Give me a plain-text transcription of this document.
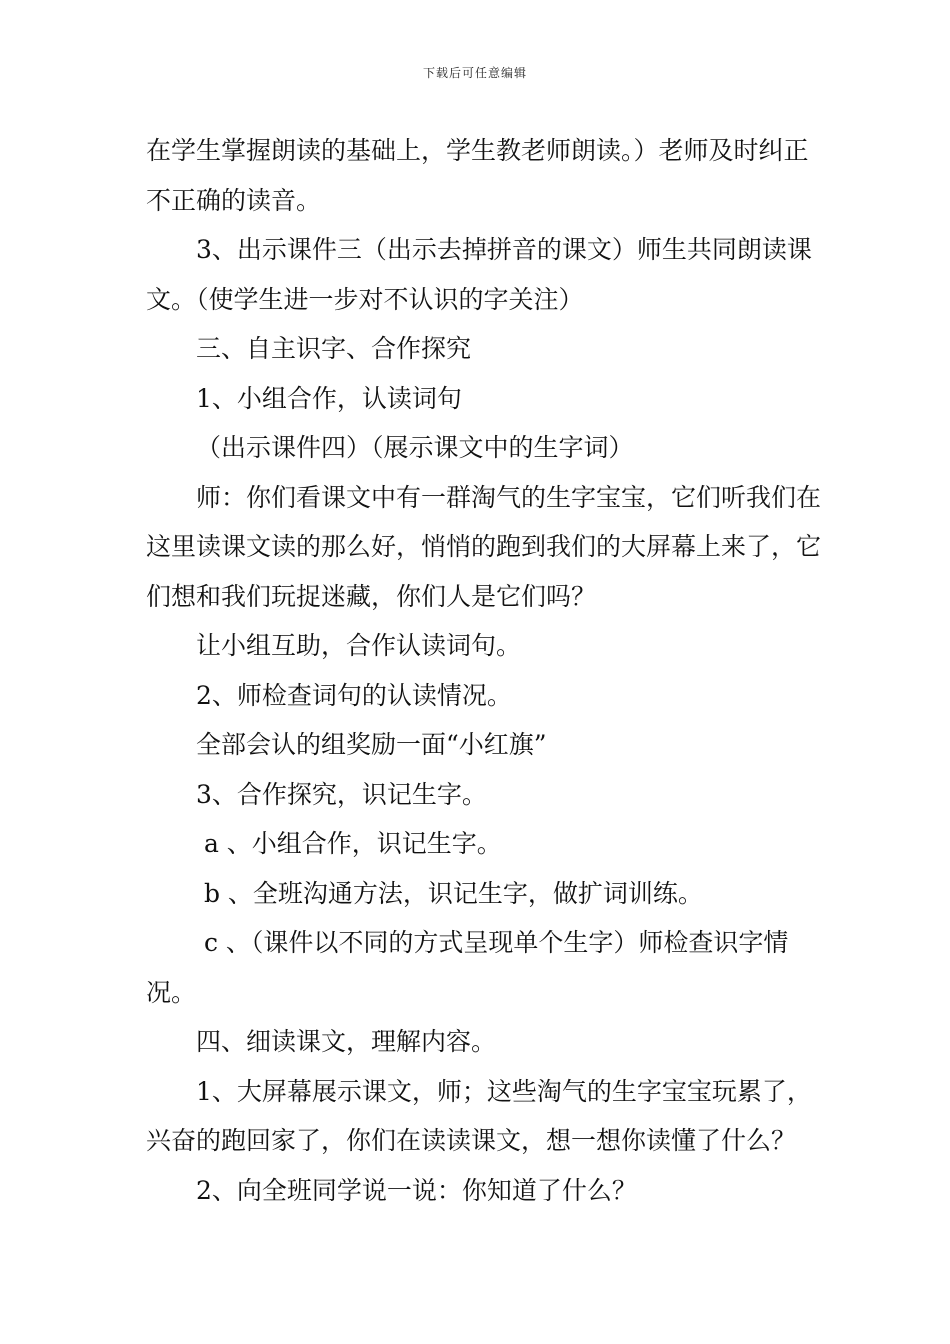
下载后可任意编辑

在学生掌握朗读的基础上，学生教老师朗读。）老师及时纠正不正确的读音。

3、出示课件三（出示去掉拼音的课文）师生共同朗读课文。（使学生进一步对不认识的字关注）

三、自主识字、合作探究

1、小组合作，认读词句

（出示课件四）（展示课文中的生字词）

师：你们看课文中有一群淘气的生字宝宝，它们听我们在这里读课文读的那么好，悄悄的跑到我们的大屏幕上来了，它们想和我们玩捉迷藏，你们人是它们吗？

让小组互助，合作认读词句。

2、师检查词句的认读情况。

全部会认的组奖励一面“小红旗”

3、合作探究，识记生字。

a 、小组合作，识记生字。

b 、全班沟通方法，识记生字，做扩词训练。

c 、（课件以不同的方式呈现单个生字）师检查识字情况。

四、细读课文，理解内容。

1、大屏幕展示课文，师；这些淘气的生字宝宝玩累了，兴奋的跑回家了，你们在读读课文，想一想你读懂了什么？

2、向全班同学说一说：你知道了什么？
